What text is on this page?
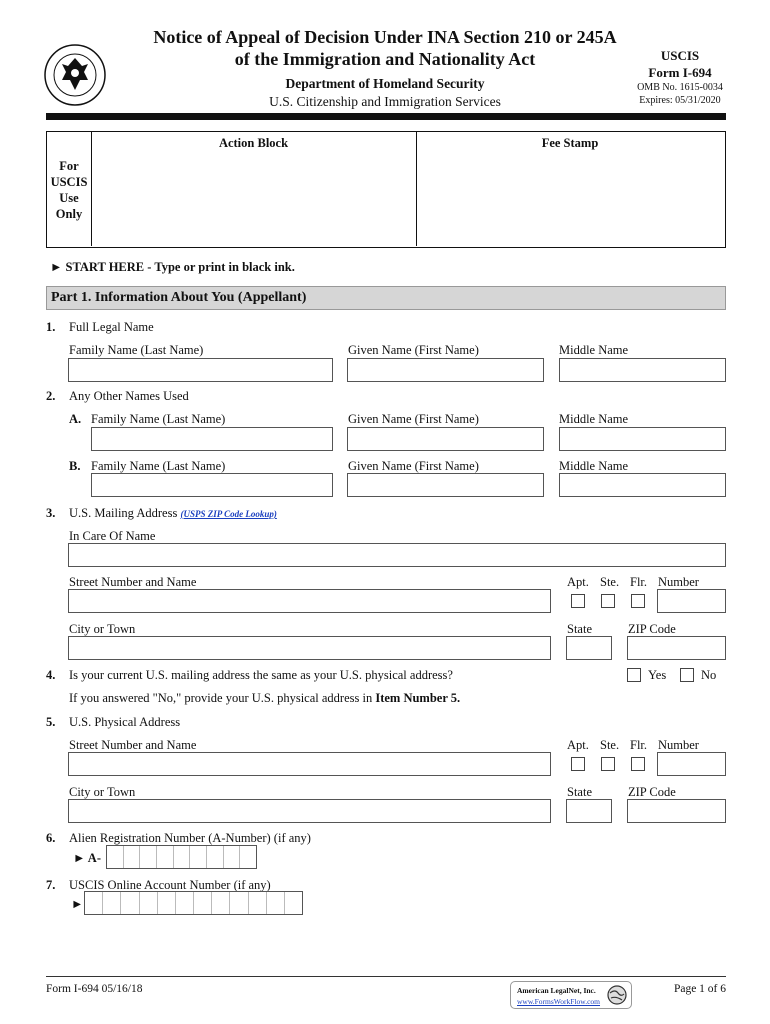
Notice of Appeal of Decision Under INA Section 210 or 245A
of the Immigration and Nationality Act
Department of Homeland Security
U.S. Citizenship and Immigration Services
USCIS
Form I-694
OMB No. 1615-0034
Expires: 05/31/2020
For
USCIS
Use
Only
Action Block	Fee Stamp
► START HERE - Type or print in black ink.
Part 1. Information About You (Appellant)
1. Full Legal Name
Family Name (Last Name)	Given Name (First Name)	Middle Name
2. Any Other Names Used
A. Family Name (Last Name)	Given Name (First Name)	Middle Name
B. Family Name (Last Name)	Given Name (First Name)	Middle Name
3. U.S. Mailing Address (USPS ZIP Code Lookup)
In Care Of Name
Street Number and Name	Apt. Ste. Flr. Number
City or Town	State	ZIP Code
4. Is your current U.S. mailing address the same as your U.S. physical address?	Yes	No
If you answered "No," provide your U.S. physical address in Item Number 5.
5. U.S. Physical Address
Street Number and Name	Apt. Ste. Flr. Number
City or Town	State	ZIP Code
6. Alien Registration Number (A-Number) (if any)
► A-
7. USCIS Online Account Number (if any)
►
Form I-694 05/16/18	American LegalNet, Inc.
www.FormsWorkFlow.com
Page 1 of 6
